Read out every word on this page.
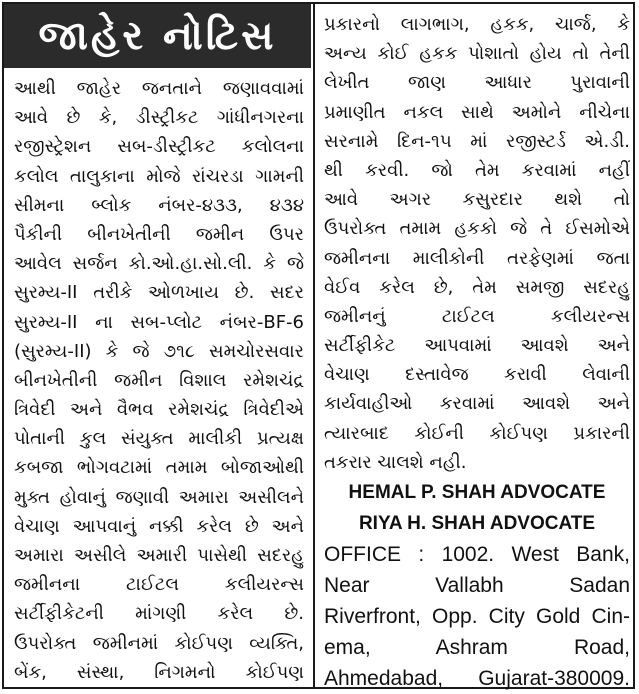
જાહેર નોટિસ
આથી જાહેર જનતાને જણાવવામાં
આવે છે કે, ડીસ્ટ્રીકટ ગાંધીનગરના
રજીસ્ટ્રેશન સબ-ડીસ્ટ્રીકટ કલોલના
કલોલ તાલુકાના મોજે રાંચરડા ગામની
સીમના બ્લોક નંબર-૪૩૩, ૪૩૪
પૈકીની બીનખેતીની જમીન ઉપર
આવેલ સર્જન કો.ઓ.હા.સો.લી. કે જે
સુરમ્ય-II તરીકે ઓળખાય છે. સદર
સુરમ્ય-II ના સબ-પ્લોટ નંબર-BF-6
(સુરમ્ય-II) કે જે ૭૧૮ સમચોરસવાર
બીનખેતીની જમીન વિશાલ રમેશચંદ્ર
ત્રિવેદી અને વૈભવ રમેશચંદ્ર ત્રિવેદીએ
પોતાની કુલ સંયુક્ત માલીકી પ્રત્યક્ષ
કબજા ભોગવટામાં તમામ બોજાઓથી
મુક્ત હોવાનું જણાવી અમારા અસીલને
વેચાણ આપવાનું નક્કી કરેલ છે અને
અમારા અસીલે અમારી પાસેથી સદરહુ
જમીનના ટાઈટલ કલીયરન્સ
સર્ટીફીકેટની માંગણી કરેલ છે.
ઉપરોક્ત જમીનમાં કોઈપણ વ્યક્તિ,
બેંક, સંસ્થા, નિગમનો કોઈપણ
પ્રકારનો લાગભાગ, હકક, ચાર્જ, કે
અન્ય કોઈ હકક પોશાતો હોય તો તેની
લેખીત જાણ આધાર પુરાવાની
પ્રમાણીત નકલ સાથે અમોને નીચેના
સરનામે દિન-૧૫ માં રજીસ્ટર્ડ એ.ડી.
થી કરવી. જો તેમ કરવામાં નહીં
આવે અગર કસુરદાર થશે તો
ઉપરોક્ત તમામ હકકો જે તે ઈસમોએ
જમીનના માલીકોની તરફેણમાં જતા
વેઈવ કરેલ છે, તેમ સમજી સદરહુ
જમીનનું ટાઈટલ કલીયરન્સ
સર્ટીફીકેટ આપવામાં આવશે અને
વેચાણ દસ્તાવેજ કરાવી લેવાની
કાર્યવાહીઓ કરવામાં આવશે અને
ત્યારબાદ કોઈની કોઈપણ પ્રકારની
તકરાર ચાલશે નહી.
HEMAL P. SHAH ADVOCATE
RIYA H. SHAH ADVOCATE
OFFICE : 1002. West Bank,
Near Vallabh Sadan
Riverfront, Opp. City Gold Cin-
ema, Ashram Road,
Ahmedabad, Gujarat-380009.
